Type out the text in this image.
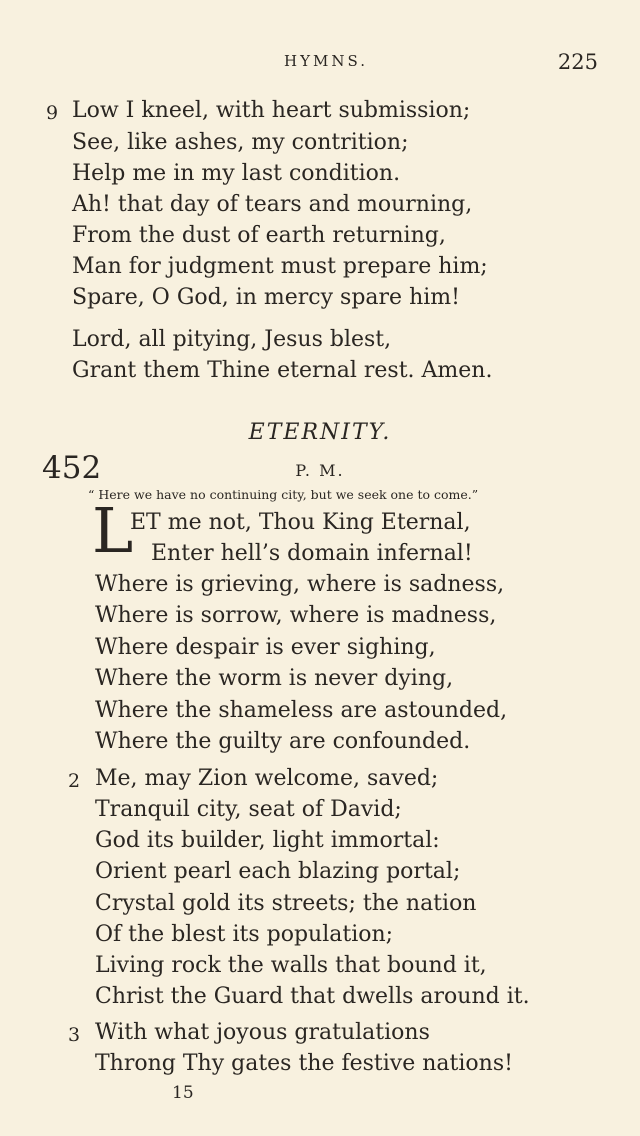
HYMNS.	225
9 Low I kneel, with heart submission;
See, like ashes, my contrition;
Help me in my last condition.
Ah! that day of tears and mourning,
From the dust of earth returning,
Man for judgment must prepare him;
Spare, O God, in mercy spare him!
Lord, all pitying, Jesus blest,
Grant them Thine eternal rest. Amen.
ETERNITY.
452	P. M.
“ Here we have no continuing city, but we seek one to come.”
L
ET me not, Thou King Eternal,
Enter hell’s domain infernal!
Where is grieving, where is sadness,
Where is sorrow, where is madness,
Where despair is ever sighing,
Where the worm is never dying,
Where the shameless are astounded,
Where the guilty are confounded.
2 Me, may Zion welcome, saved;
Tranquil city, seat of David;
God its builder, light immortal:
Orient pearl each blazing portal;
Crystal gold its streets; the nation
Of the blest its population;
Living rock the walls that bound it,
Christ the Guard that dwells around it.
3 With what joyous gratulations
Throng Thy gates the festive nations!
15
